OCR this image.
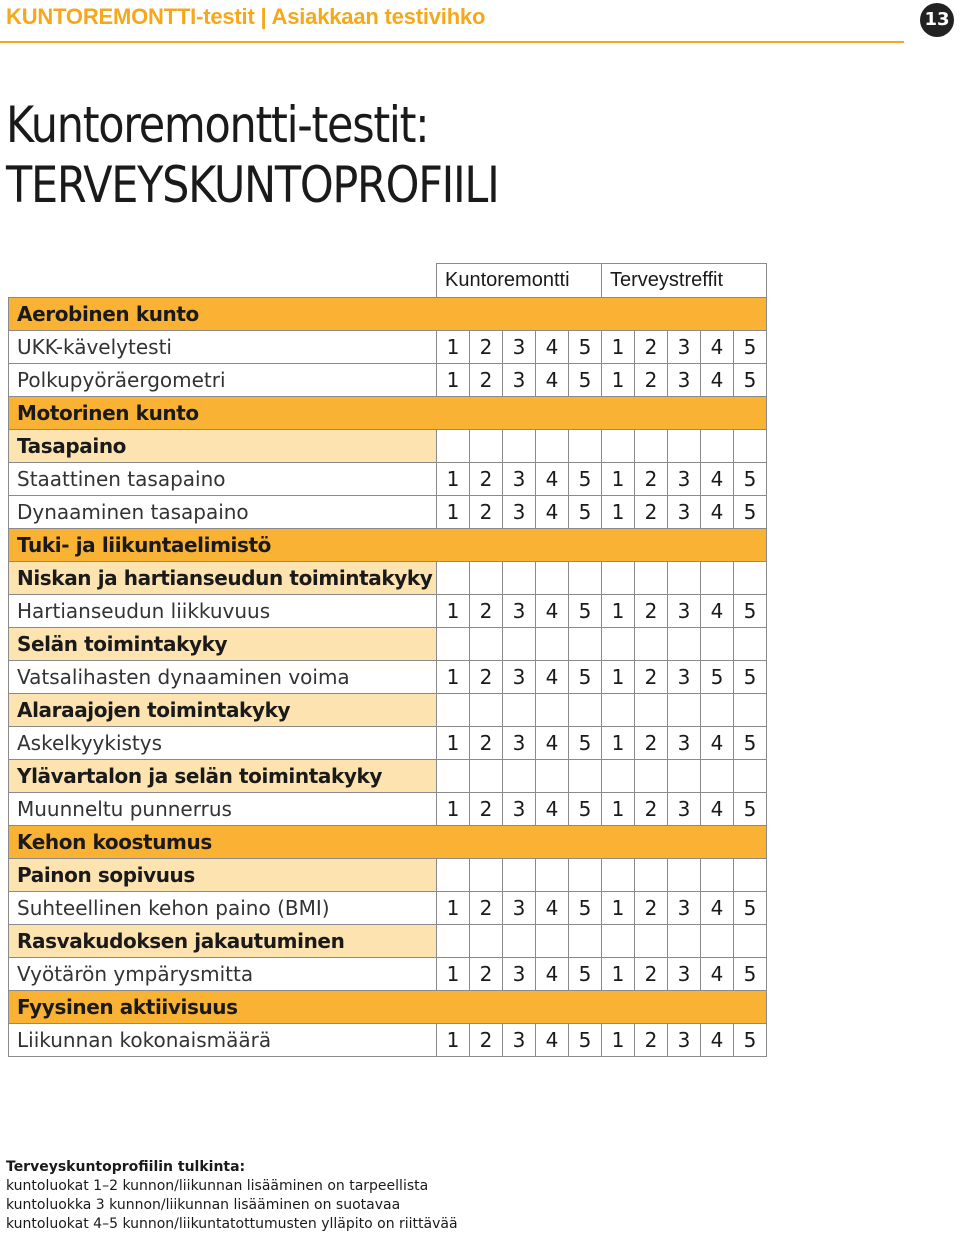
KUNTOREMONTTI-testit | Asiakkaan testivihko	13
Kuntoremontti-testit:
TERVEYSKUNTOPROFIILI
	Kuntoremontti					Terveystreffit				
Aerobinen kunto										
UKK-kävelytesti	1	2	3	4	5	1	2	3	4	5
Polkupyöräergometri	1	2	3	4	5	1	2	3	4	5
Motorinen kunto										
Tasapaino										
Staattinen tasapaino	1	2	3	4	5	1	2	3	4	5
Dynaaminen tasapaino	1	2	3	4	5	1	2	3	4	5
Tuki- ja liikuntaelimistö										
Niskan ja hartianseudun toimintakyky										
Hartianseudun liikkuvuus	1	2	3	4	5	1	2	3	4	5
Selän toimintakyky										
Vatsalihasten dynaaminen voima	1	2	3	4	5	1	2	3	5	5
Alaraajojen toimintakyky										
Askelkyykistys	1	2	3	4	5	1	2	3	4	5
Ylävartalon ja selän toimintakyky										
Muunneltu punnerrus	1	2	3	4	5	1	2	3	4	5
Kehon koostumus										
Painon sopivuus										
Suhteellinen kehon paino (BMI)	1	2	3	4	5	1	2	3	4	5
Rasvakudoksen jakautuminen										
Vyötärön ympärysmitta	1	2	3	4	5	1	2	3	4	5
Fyysinen aktiivisuus										
Liikunnan kokonaismäärä	1	2	3	4	5	1	2	3	4	5
Terveyskuntoprofiilin tulkinta:
kuntoluokat 1–2 kunnon/liikunnan lisääminen on tarpeellista
kuntoluokka 3 kunnon/liikunnan lisääminen on suotavaa
kuntoluokat 4–5 kunnon/liikuntatottumusten ylläpito on riittävää
